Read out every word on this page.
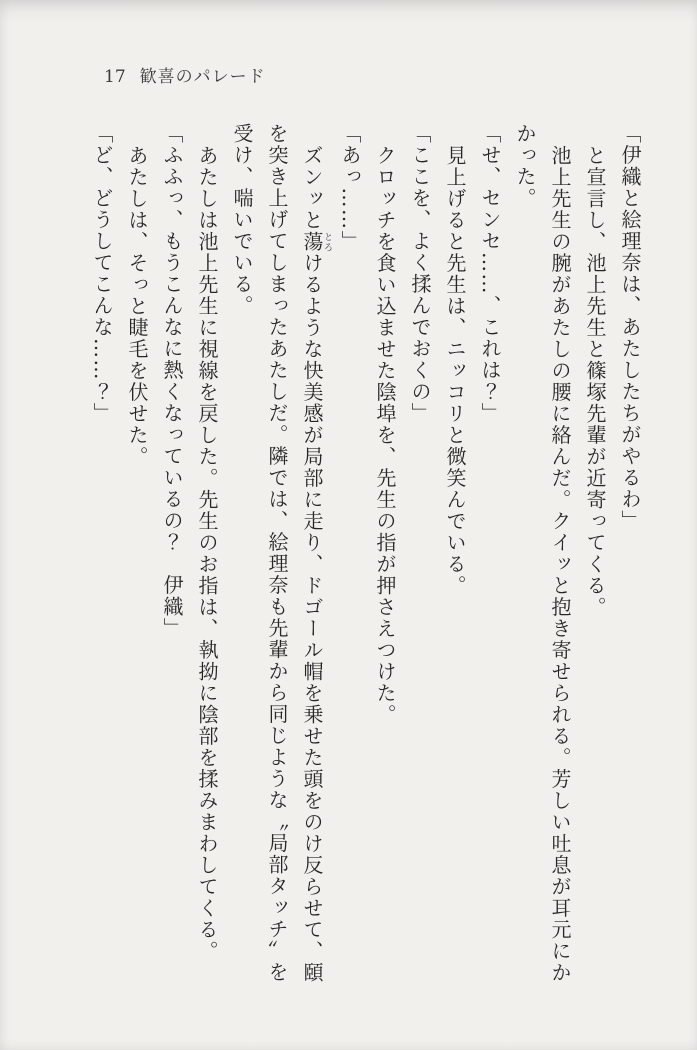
17 歓喜のパレード

「伊織と絵理奈は、あたしたちがやるわ」

と宣言し、池上先生と篠塚先輩が近寄ってくる。

池上先生の腕があたしの腰に絡んだ。クイッと抱き寄せられる。芳しい吐息が耳元にか

かった。

「せ、センセ……、これは？」

見上げると先生は、ニッコリと微笑んでいる。

「ここを、よく揉んでおくの」

クロッチを食い込ませた陰埠を、先生の指が押さえつけた。

「あっ……」

ズンッと蕩とろけるような快美感が局部に走り、ドゴール帽を乗せた頭をのけ反らせて、頤

を突き上げてしまったあたしだ。隣では、絵理奈も先輩から同じような〝局部タッチ〟を

受け、喘いでいる。

あたしは池上先生に視線を戻した。先生のお指は、執拗に陰部を揉みまわしてくる。

「ふふっ、もうこんなに熱くなっているの？　伊織」

あたしは、そっと睫毛を伏せた。

「ど、どうしてこんな……？」
